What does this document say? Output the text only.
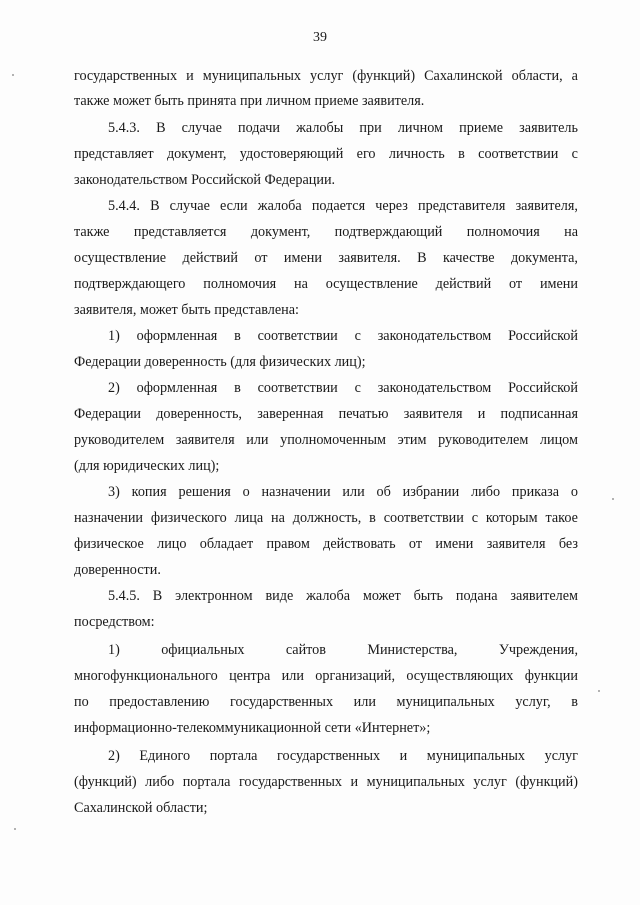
39
государственных и муниципальных услуг (функций) Сахалинской области, а
также может быть принята при личном приеме заявителя.
5.4.3. В случае подачи жалобы при личном приеме заявитель
представляет документ, удостоверяющий его личность в соответствии с
законодательством Российской Федерации.
5.4.4. В случае если жалоба подается через представителя заявителя,
также представляется документ, подтверждающий полномочия на
осуществление действий от имени заявителя. В качестве документа,
подтверждающего полномочия на осуществление действий от имени
заявителя, может быть представлена:
1) оформленная в соответствии с законодательством Российской
Федерации доверенность (для физических лиц);
2) оформленная в соответствии с законодательством Российской
Федерации доверенность, заверенная печатью заявителя и подписанная
руководителем заявителя или уполномоченным этим руководителем лицом
(для юридических лиц);
3) копия решения о назначении или об избрании либо приказа о
назначении физического лица на должность, в соответствии с которым такое
физическое лицо обладает правом действовать от имени заявителя без
доверенности.
5.4.5. В электронном виде жалоба может быть подана заявителем
посредством:
1)	официальных	сайтов	Министерства,	Учреждения,
многофункционального центра или организаций, осуществляющих функции
по предоставлению государственных или муниципальных услуг, в
информационно-телекоммуникационной сети «Интернет»;
2) Единого портала государственных и муниципальных услуг
(функций) либо портала государственных и муниципальных услуг (функций)
Сахалинской области;
